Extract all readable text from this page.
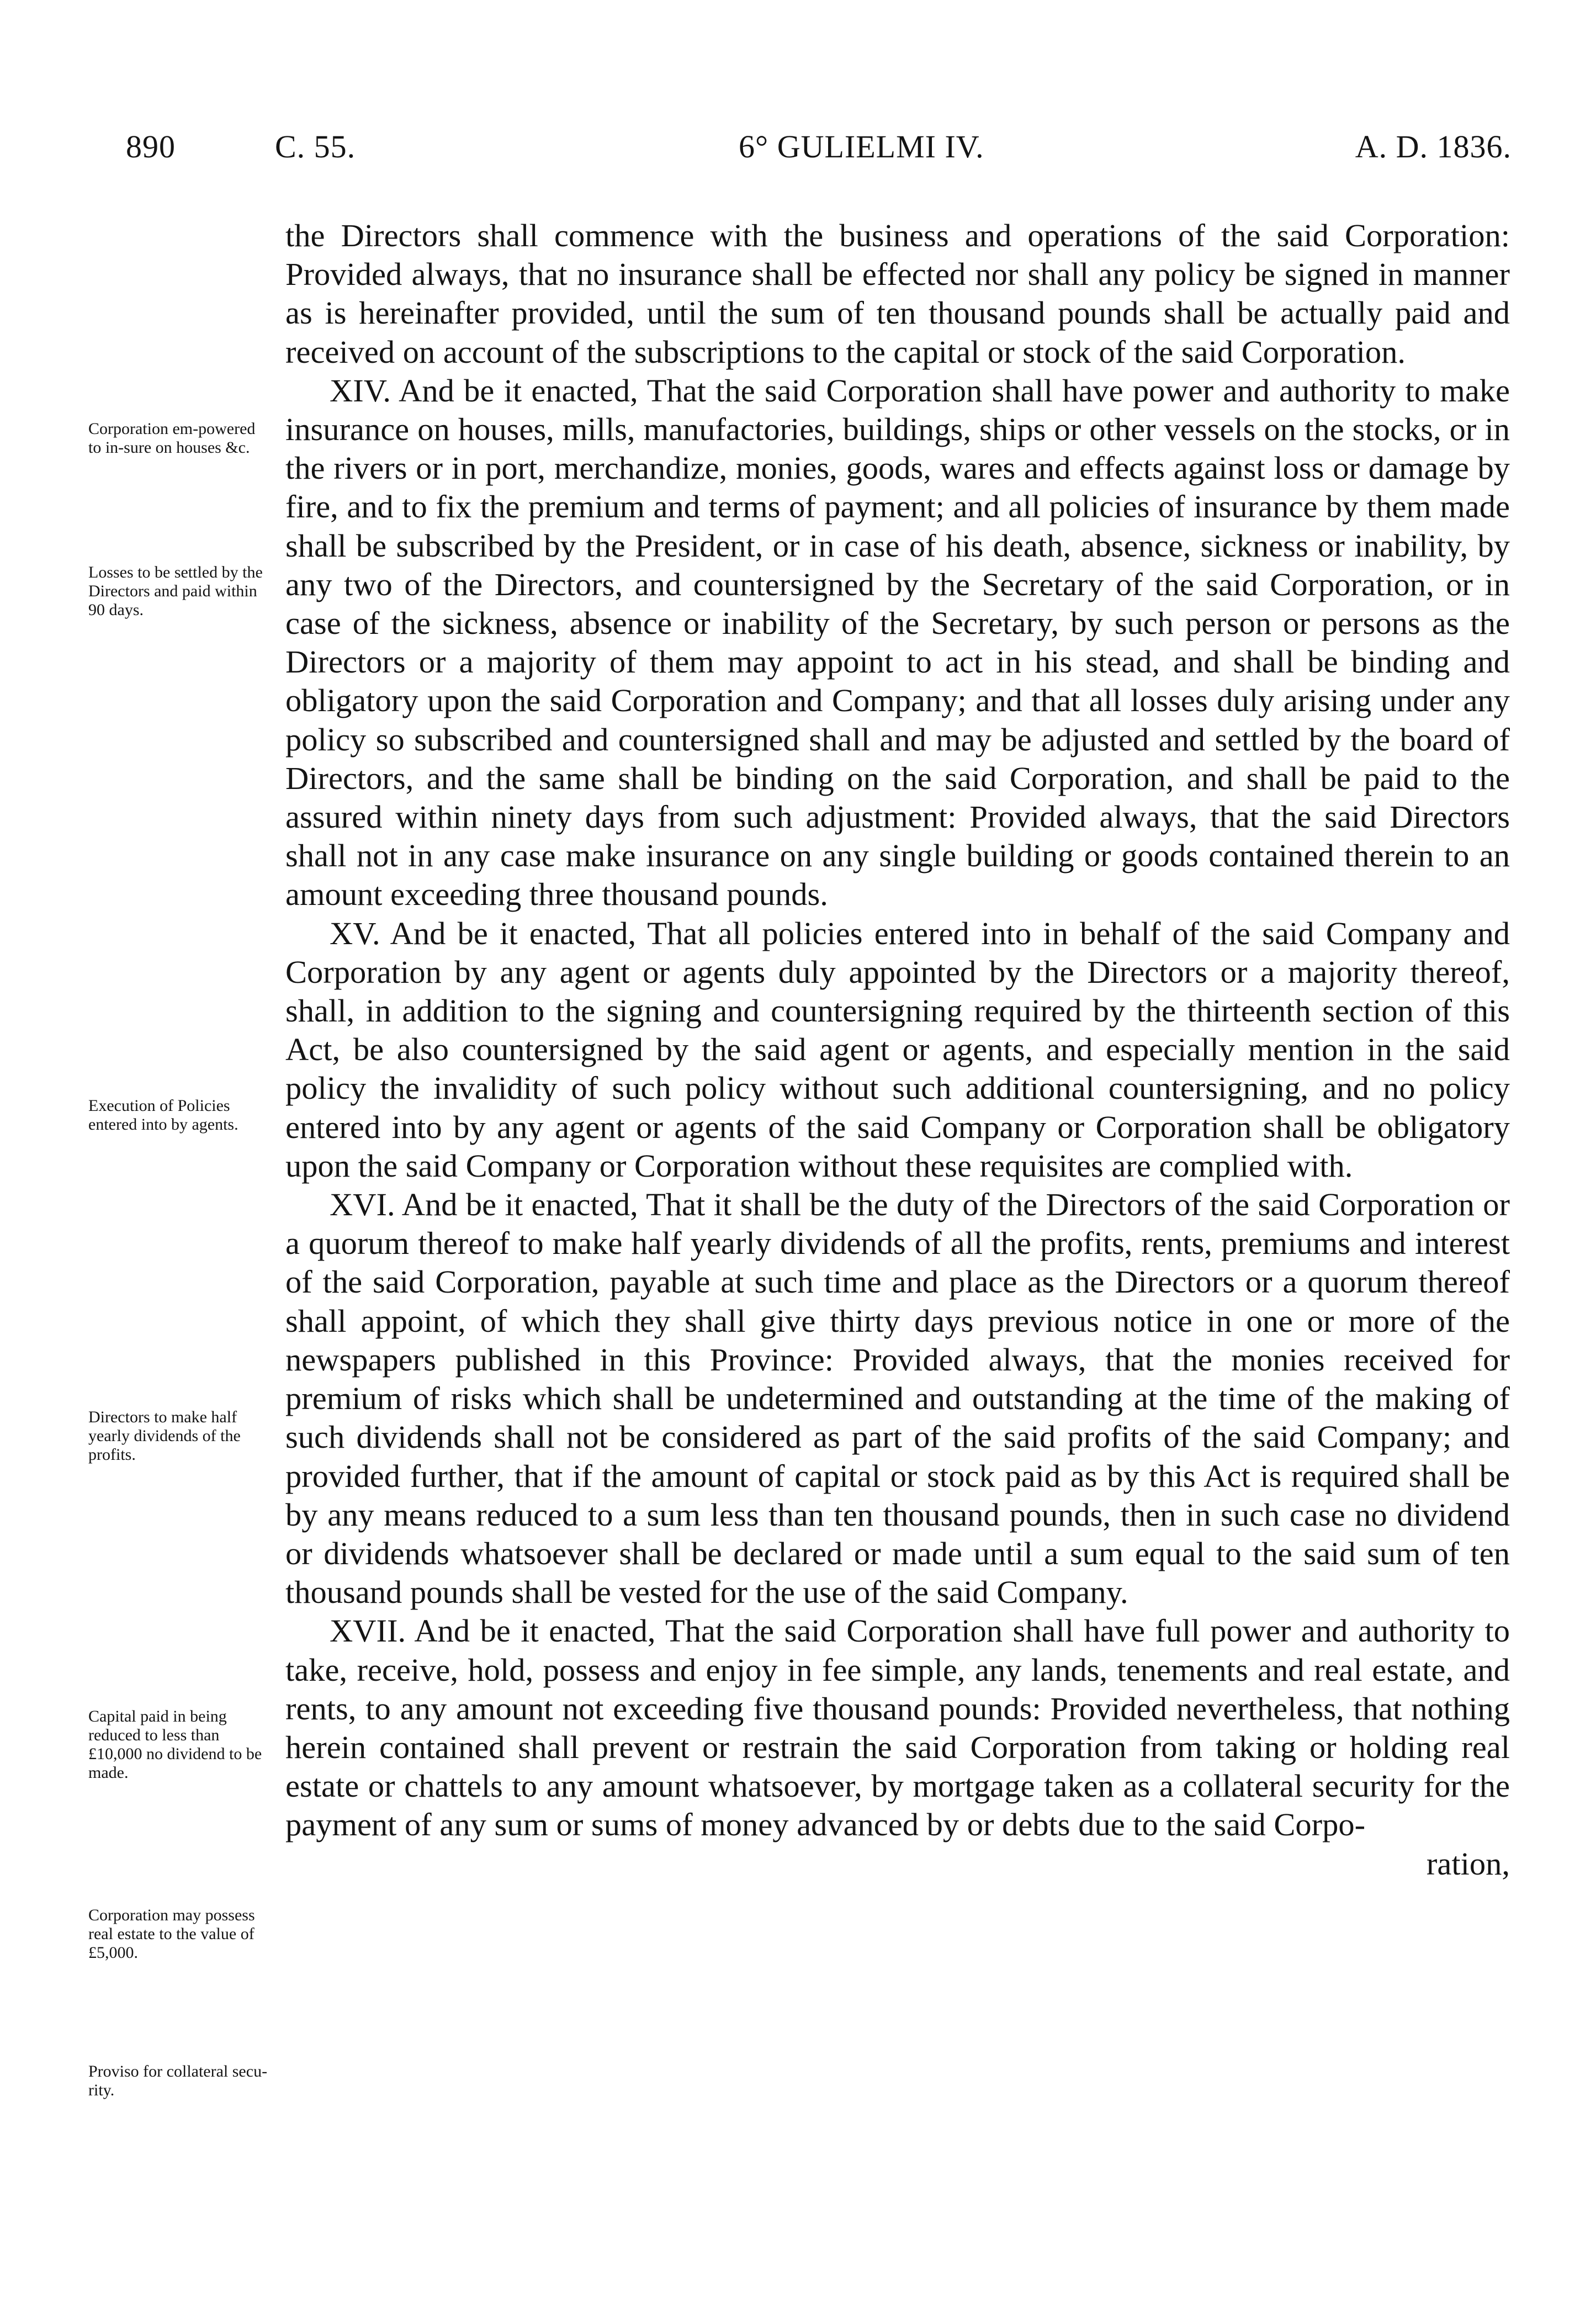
890	C. 55.	6° GULIELMI IV.	A. D. 1836.
Corporation em-powered to in-sure on houses &c.
Losses to be settled by the Directors and paid within 90 days.
Execution of Policies entered into by agents.
Directors to make half yearly dividends of the profits.
Capital paid in being reduced to less than £10,000 no dividend to be made.
Corporation may possess real estate to the value of £5,000.
Proviso for collateral secu-rity.

the Directors shall commence with the business and operations of the said Corporation: Provided always, that no insurance shall be effected nor shall any policy be signed in manner as is hereinafter provided, until the sum of ten thousand pounds shall be actually paid and received on account of the subscriptions to the capital or stock of the said Corporation.

XIV. And be it enacted, That the said Corporation shall have power and authority to make insurance on houses, mills, manufactories, buildings, ships or other vessels on the stocks, or in the rivers or in port, merchandize, monies, goods, wares and effects against loss or damage by fire, and to fix the premium and terms of payment; and all policies of insurance by them made shall be subscribed by the President, or in case of his death, absence, sickness or inability, by any two of the Directors, and countersigned by the Secretary of the said Corporation, or in case of the sickness, absence or inability of the Secretary, by such person or persons as the Directors or a majority of them may appoint to act in his stead, and shall be binding and obligatory upon the said Corporation and Company; and that all losses duly arising under any policy so subscribed and countersigned shall and may be adjusted and settled by the board of Directors, and the same shall be binding on the said Corporation, and shall be paid to the assured within ninety days from such adjustment: Provided always, that the said Directors shall not in any case make insurance on any single building or goods contained therein to an amount exceeding three thousand pounds.

XV. And be it enacted, That all policies entered into in behalf of the said Company and Corporation by any agent or agents duly appointed by the Directors or a majority thereof, shall, in addition to the signing and countersigning required by the thirteenth section of this Act, be also countersigned by the said agent or agents, and especially mention in the said policy the invalidity of such policy without such additional countersigning, and no policy entered into by any agent or agents of the said Company or Corporation shall be obligatory upon the said Company or Corporation without these requisites are complied with.

XVI. And be it enacted, That it shall be the duty of the Directors of the said Corporation or a quorum thereof to make half yearly dividends of all the profits, rents, premiums and interest of the said Corporation, payable at such time and place as the Directors or a quorum thereof shall appoint, of which they shall give thirty days previous notice in one or more of the newspapers published in this Province: Provided always, that the monies received for premium of risks which shall be undetermined and outstanding at the time of the making of such dividends shall not be considered as part of the said profits of the said Company; and provided further, that if the amount of capital or stock paid as by this Act is required shall be by any means reduced to a sum less than ten thousand pounds, then in such case no dividend or dividends whatsoever shall be declared or made until a sum equal to the said sum of ten thousand pounds shall be vested for the use of the said Company.

XVII. And be it enacted, That the said Corporation shall have full power and authority to take, receive, hold, possess and enjoy in fee simple, any lands, tenements and real estate, and rents, to any amount not exceeding five thousand pounds: Provided nevertheless, that nothing herein contained shall prevent or restrain the said Corporation from taking or holding real estate or chattels to any amount whatsoever, by mortgage taken as a collateral security for the payment of any sum or sums of money advanced by or debts due to the said Corpo-

ration,
